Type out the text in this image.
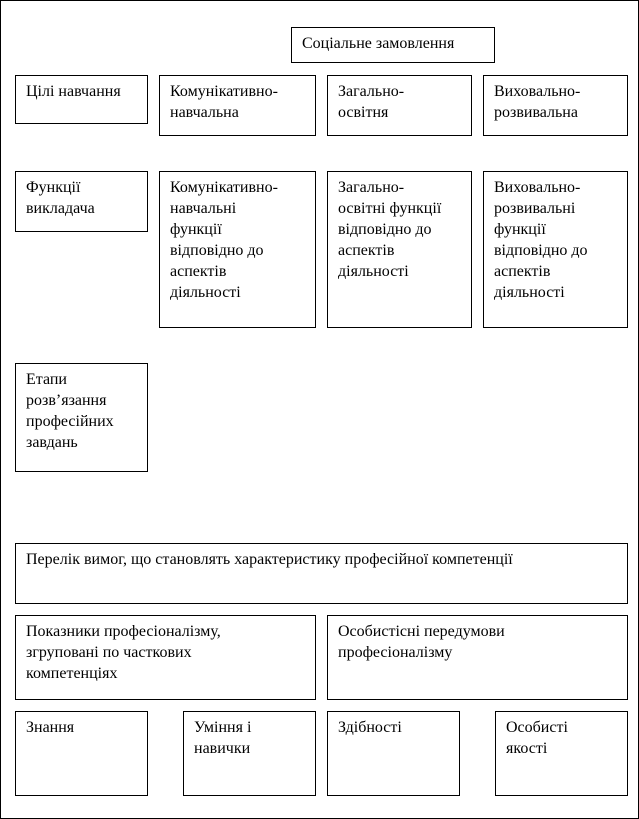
Соціальне замовлення
Цілі навчання	Комунікативно-
навчальна
Загально-
освітня
Виховально-
розвивальна
Функції
викладача
Комунікативно-
навчальні
функції
відповідно до
аспектів
діяльності
Загально-
освітні функції
відповідно до
аспектів
діяльності
Виховально-
розвивальні
функції
відповідно до
аспектів
діяльності
Етапи
розв’язання
професійних
завдань
Перелік вимог, що становлять характеристику професійної компетенції
Показники професіоналізму,
згруповані по часткових
компетенціях
Особистісні передумови
професіоналізму
Знання	Уміння і
навички
Здібності	Особисті
якості
